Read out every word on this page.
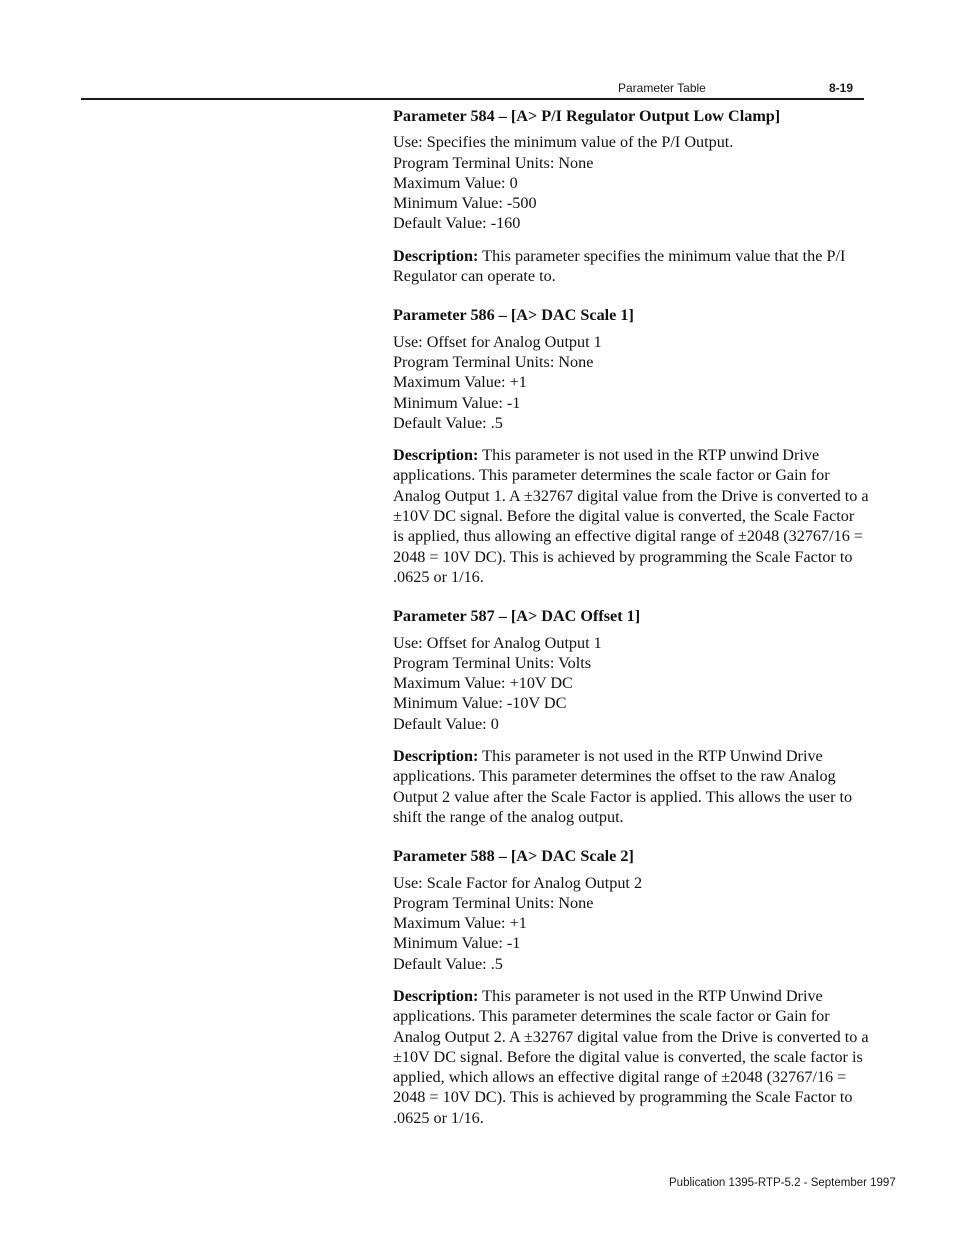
Parameter Table	8-19
Parameter 584 – [A> P/I Regulator Output Low Clamp]
Use: Specifies the minimum value of the P/I Output.
Program Terminal Units: None
Maximum Value: 0
Minimum Value: -500
Default Value: -160

Description: This parameter specifies the minimum value that the P/I Regulator can operate to.

Parameter 586 – [A> DAC Scale 1]
Use: Offset for Analog Output 1
Program Terminal Units: None
Maximum Value: +1
Minimum Value: -1
Default Value: .5

Description: This parameter is not used in the RTP unwind Drive applications. This parameter determines the scale factor or Gain for Analog Output 1. A ±32767 digital value from the Drive is converted to a ±10V DC signal. Before the digital value is converted, the Scale Factor is applied, thus allowing an effective digital range of ±2048 (32767/16 = 2048 = 10V DC). This is achieved by programming the Scale Factor to .0625 or 1/16.

Parameter 587 – [A> DAC Offset 1]
Use: Offset for Analog Output 1
Program Terminal Units: Volts
Maximum Value: +10V DC
Minimum Value: -10V DC
Default Value: 0

Description: This parameter is not used in the RTP Unwind Drive applications. This parameter determines the offset to the raw Analog Output 2 value after the Scale Factor is applied. This allows the user to shift the range of the analog output.

Parameter 588 – [A> DAC Scale 2]
Use: Scale Factor for Analog Output 2
Program Terminal Units: None
Maximum Value: +1
Minimum Value: -1
Default Value: .5

Description: This parameter is not used in the RTP Unwind Drive applications. This parameter determines the scale factor or Gain for Analog Output 2. A ±32767 digital value from the Drive is converted to a ±10V DC signal. Before the digital value is converted, the scale factor is applied, which allows an effective digital range of ±2048 (32767/16 = 2048 = 10V DC). This is achieved by programming the Scale Factor to .0625 or 1/16.

Publication 1395-RTP-5.2 - September 1997
